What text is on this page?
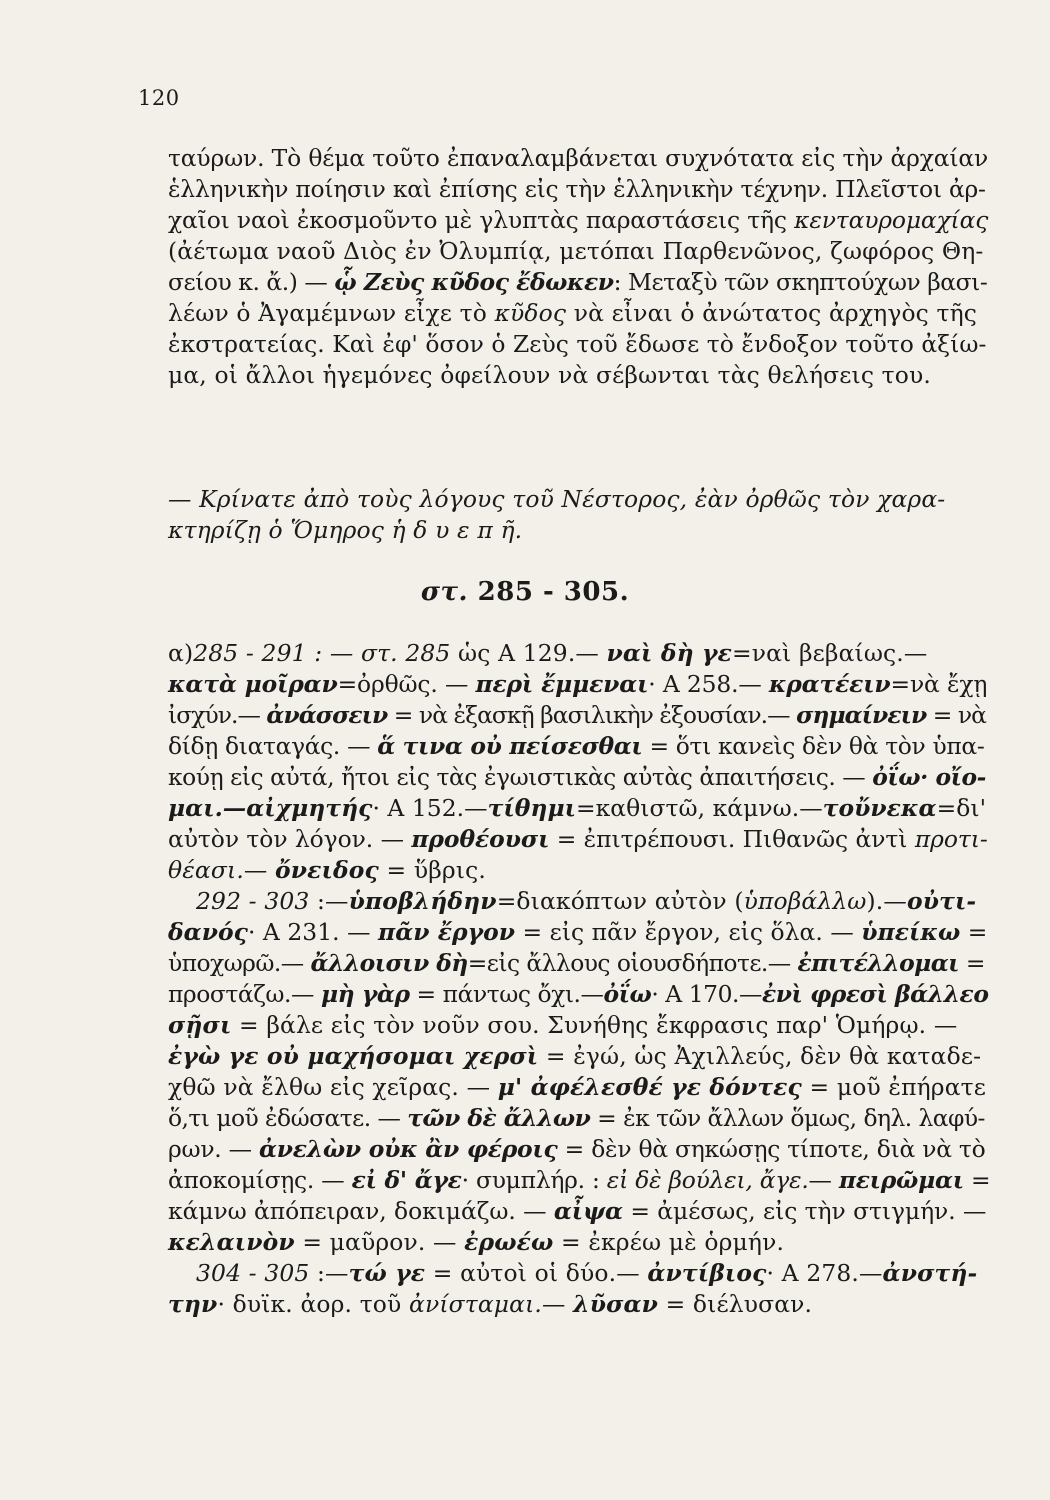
120
ταύρων. Τὸ θέμα τοῦτο ἐπαναλαμβάνεται συχνότατα εἰς τὴν ἀρχαίαν
ἑλληνικὴν ποίησιν καὶ ἐπίσης εἰς τὴν ἑλληνικὴν τέχνην. Πλεῖστοι ἀρ-
χαῖοι ναοὶ ἐκοσμοῦντο μὲ γλυπτὰς παραστάσεις τῆς κενταυρομαχίας
(ἀέτωμα ναοῦ Διὸς ἐν Ὀλυμπίᾳ, μετόπαι Παρθενῶνος, ζωφόρος Θη-
σείου κ. ἄ.) — ᾧ Ζεὺς κῦδος ἔδωκεν: Μεταξὺ τῶν σκηπτούχων βασι-
λέων ὁ Ἀγαμέμνων εἶχε τὸ κῦδος νὰ εἶναι ὁ ἀνώτατος ἀρχηγὸς τῆς
ἐκστρατείας. Καὶ ἐφ' ὅσον ὁ Ζεὺς τοῦ ἔδωσε τὸ ἔνδοξον τοῦτο ἀξίω-
μα, οἱ ἄλλοι ἡγεμόνες ὀφείλουν νὰ σέβωνται τὰς θελήσεις του.
— Κρίνατε ἀπὸ τοὺς λόγους τοῦ Νέστορος, ἐὰν ὀρθῶς τὸν χαρα-
κτηρίζῃ ὁ Ὅμηρος ἡ δ υ ε π ῆ.
στ. 285 - 305.
α)285 - 291 : — στ. 285 ὡς Α 129.— ναὶ δὴ γε=ναὶ βεβαίως.—
κατὰ μοῖραν=ὀρθῶς. — περὶ ἔμμεναι· Α 258.— κρατέειν=νὰ ἔχῃ
ἰσχύν.— ἀνάσσειν = νὰ ἐξασκῇ βασιλικὴν ἐξουσίαν.— σημαίνειν = νὰ
δίδῃ διαταγάς. — ἅ τινα οὐ πείσεσθαι = ὅτι κανεὶς δὲν θὰ τὸν ὑπα-
κούῃ εἰς αὐτά, ἤτοι εἰς τὰς ἐγωιστικὰς αὐτὰς ἀπαιτήσεις. — ὀΐω· οἴο-
μαι.—αἰχμητής· Α 152.—τίθημι=καθιστῶ, κάμνω.—τοὔνεκα=δι'
αὐτὸν τὸν λόγον. — προθέουσι = ἐπιτρέπουσι. Πιθανῶς ἀντὶ προτι-
θέασι.— ὄνειδος = ὕβρις.
292 - 303 :—ὑποβλήδην=διακόπτων αὐτὸν (ὑποβάλλω).—οὐτι-
δανός· Α 231. — πᾶν ἔργον = εἰς πᾶν ἔργον, εἰς ὅλα. — ὑπείκω =
ὑποχωρῶ.— ἄλλοισιν δὴ=εἰς ἄλλους οἱουσδήποτε.— ἐπιτέλλομαι =
προστάζω.— μὴ γὰρ = πάντως ὄχι.—ὀΐω· Α 170.—ἐνὶ φρεσὶ βάλλεο
σῇσι = βάλε εἰς τὸν νοῦν σου. Συνήθης ἔκφρασις παρ' Ὁμήρῳ. —
ἐγὼ γε οὐ μαχήσομαι χερσὶ = ἐγώ, ὡς Ἀχιλλεύς, δὲν θὰ καταδε-
χθῶ νὰ ἔλθω εἰς χεῖρας. — μ' ἀφέλεσθέ γε δόντες = μοῦ ἐπήρατε
ὅ,τι μοῦ ἐδώσατε. — τῶν δὲ ἄλλων = ἐκ τῶν ἄλλων ὅμως, δηλ. λαφύ-
ρων. — ἀνελὼν οὐκ ἂν φέροις = δὲν θὰ σηκώσῃς τίποτε, διὰ νὰ τὸ
ἀποκομίσῃς. — εἰ δ' ἄγε· συμπλήρ. : εἰ δὲ βούλει, ἄγε.— πειρῶμαι =
κάμνω ἀπόπειραν, δοκιμάζω. — αἶψα = ἀμέσως, εἰς τὴν στιγμήν. —
κελαινὸν = μαῦρον. — ἐρωέω = ἐκρέω μὲ ὁρμήν.
304 - 305 :—τώ γε = αὐτοὶ οἱ δύο.— ἀντίβιος· Α 278.—ἀνστή-
την· δυϊκ. ἀορ. τοῦ ἀνίσταμαι.— λῦσαν = διέλυσαν.
